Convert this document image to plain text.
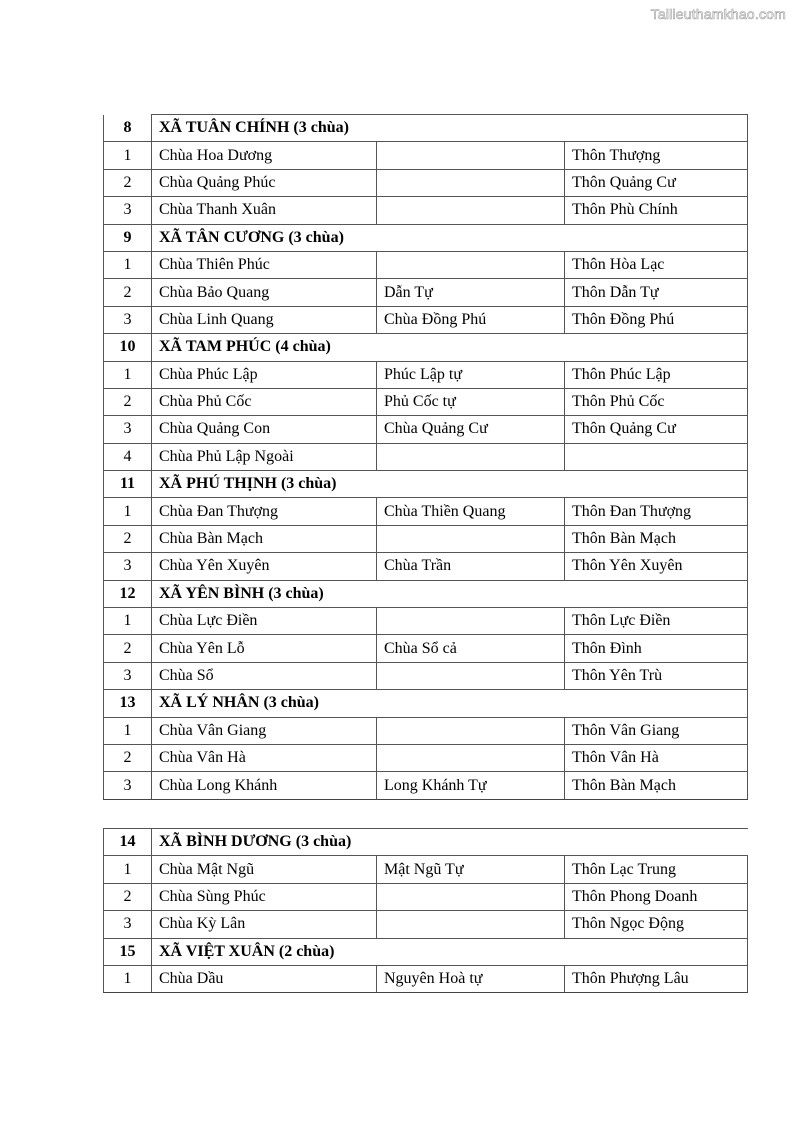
Tailieuthamkhao.com
8	XÃ TUÂN CHÍNH (3 chùa)		
1	Chùa Hoa Dương		Thôn Thượng
2	Chùa Quảng Phúc		Thôn Quảng Cư
3	Chùa Thanh Xuân		Thôn Phù Chính
9	XÃ TÂN CƯƠNG (3 chùa)		
1	Chùa Thiên Phúc		Thôn Hòa Lạc
2	Chùa Bảo Quang	Dẫn Tự	Thôn Dẫn Tự
3	Chùa Linh Quang	Chùa Đồng Phú	Thôn Đồng Phú
10	XÃ TAM PHÚC (4 chùa)		
1	Chùa Phúc Lập	Phúc Lập tự	Thôn Phúc Lập
2	Chùa Phủ Cốc	Phủ Cốc tự	Thôn Phủ Cốc
3	Chùa Quảng Con	Chùa Quảng Cư	Thôn Quảng Cư
4	Chùa Phủ Lập Ngoài		
11	XÃ PHÚ THỊNH (3 chùa)		
1	Chùa Đan Thượng	Chùa Thiền Quang	Thôn Đan Thượng
2	Chùa Bàn Mạch		Thôn Bàn Mạch
3	Chùa Yên Xuyên	Chùa Trần	Thôn Yên Xuyên
12	XÃ YÊN BÌNH (3 chùa)		
1	Chùa Lực Điền		Thôn Lực Điền
2	Chùa Yên Lỗ	Chùa Sổ cả	Thôn Đình
3	Chùa Sổ		Thôn Yên Trù
13	XÃ LÝ NHÂN (3 chùa)		
1	Chùa Vân Giang		Thôn Vân Giang
2	Chùa Vân Hà		Thôn Vân Hà
3	Chùa Long Khánh	Long Khánh Tự	Thôn Bàn Mạch
14	XÃ BÌNH DƯƠNG (3 chùa)		
1	Chùa Mật Ngũ	Mật Ngũ Tự	Thôn Lạc Trung
2	Chùa Sùng Phúc		Thôn Phong Doanh
3	Chùa Kỳ Lân		Thôn Ngọc Động
15	XÃ VIỆT XUÂN (2 chùa)		
1	Chùa Dầu	Nguyên Hoà tự	Thôn Phượng Lâu
